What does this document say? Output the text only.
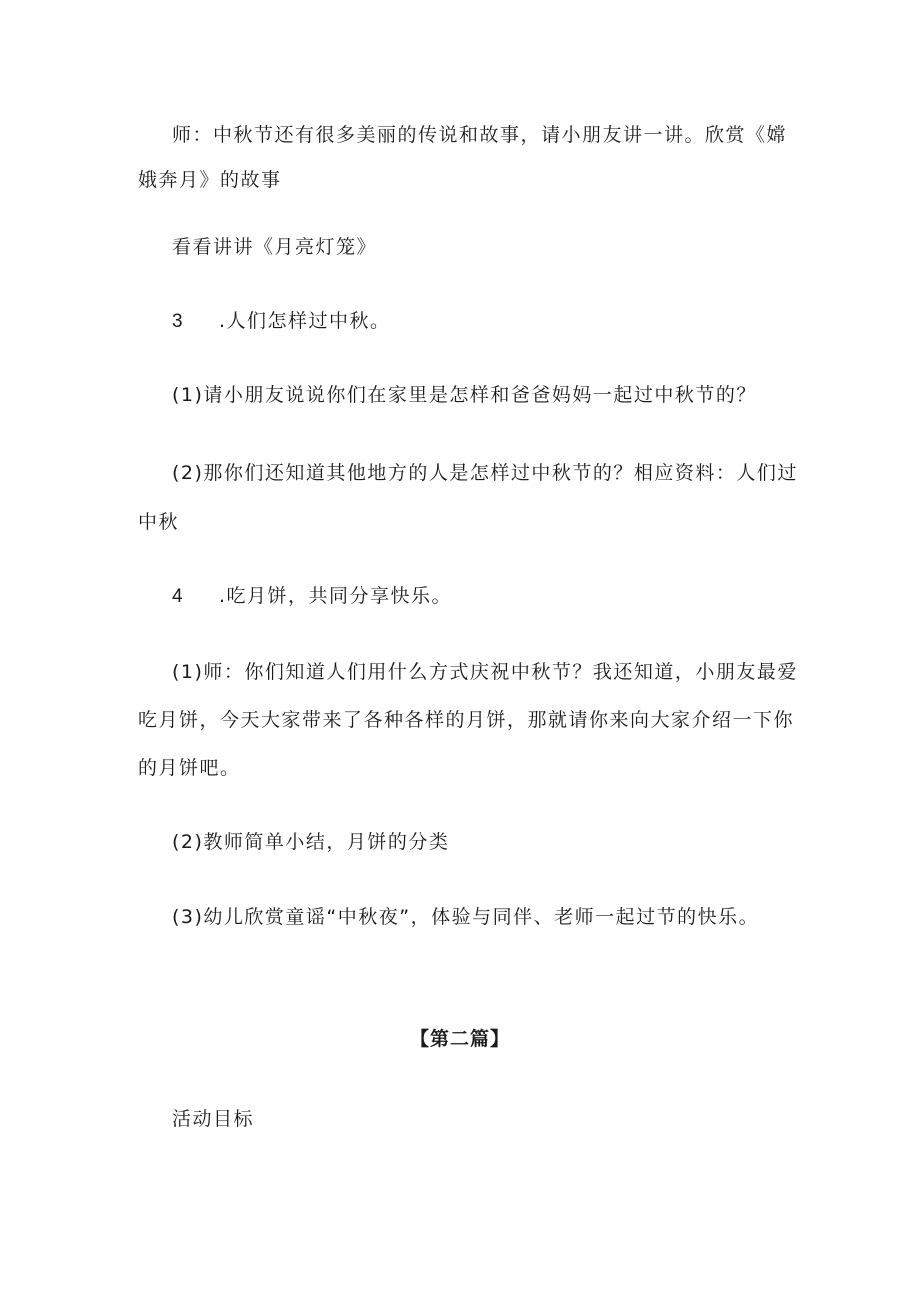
师：中秋节还有很多美丽的传说和故事，请小朋友讲一讲。欣赏《嫦
娥奔月》的故事
看看讲讲《月亮灯笼》
3 .人们怎样过中秋。
(1)请小朋友说说你们在家里是怎样和爸爸妈妈一起过中秋节的？
(2)那你们还知道其他地方的人是怎样过中秋节的？相应资料：人们过
中秋
4 .吃月饼，共同分享快乐。
(1)师：你们知道人们用什么方式庆祝中秋节？我还知道，小朋友最爱
吃月饼，今天大家带来了各种各样的月饼，那就请你来向大家介绍一下你
的月饼吧。
(2)教师简单小结，月饼的分类
(3)幼儿欣赏童谣“中秋夜”，体验与同伴、老师一起过节的快乐。
【第二篇】
活动目标
